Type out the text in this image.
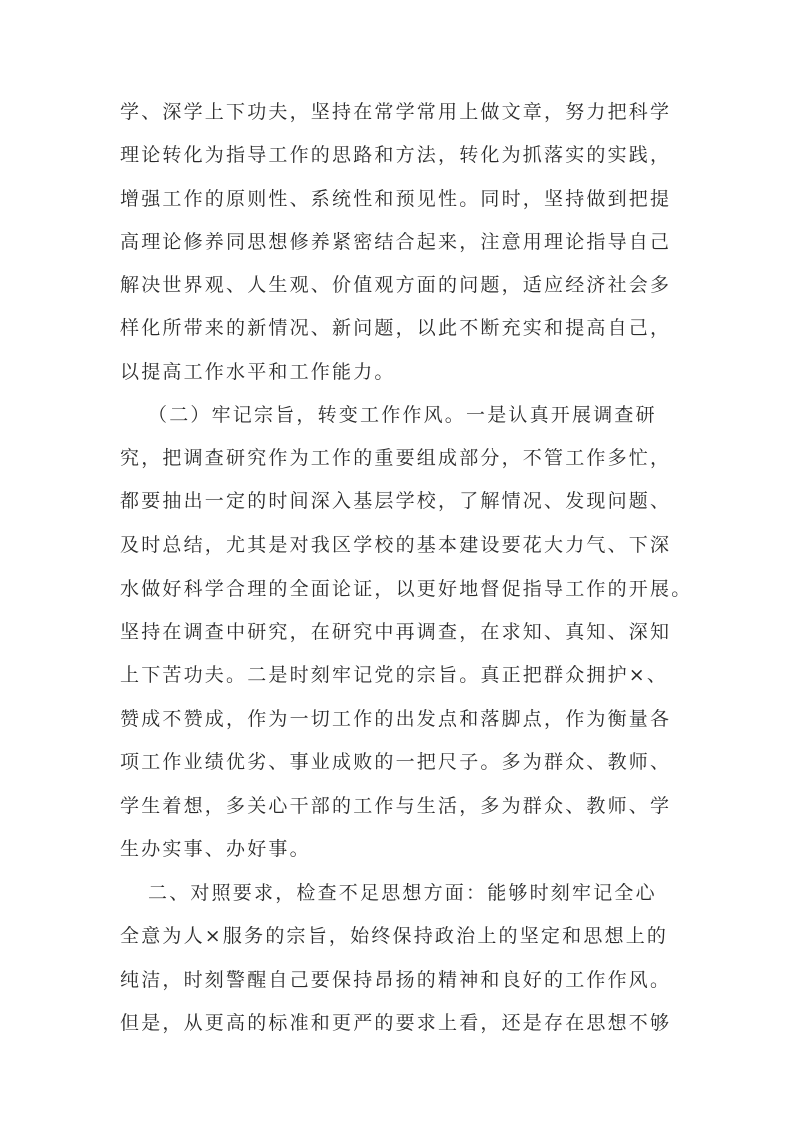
学、深学上下功夫，坚持在常学常用上做文章，努力把科学
理论转化为指导工作的思路和方法，转化为抓落实的实践，
增强工作的原则性、系统性和预见性。同时，坚持做到把提
高理论修养同思想修养紧密结合起来，注意用理论指导自己
解决世界观、人生观、价值观方面的问题，适应经济社会多
样化所带来的新情况、新问题，以此不断充实和提高自己，
以提高工作水平和工作能力。
（二）牢记宗旨，转变工作作风。一是认真开展调查研
究，把调查研究作为工作的重要组成部分，不管工作多忙，
都要抽出一定的时间深入基层学校，了解情况、发现问题、
及时总结，尤其是对我区学校的基本建设要花大力气、下深
水做好科学合理的全面论证，以更好地督促指导工作的开展。
坚持在调查中研究，在研究中再调查，在求知、真知、深知
上下苦功夫。二是时刻牢记党的宗旨。真正把群众拥护×、
赞成不赞成，作为一切工作的出发点和落脚点，作为衡量各
项工作业绩优劣、事业成败的一把尺子。多为群众、教师、
学生着想，多关心干部的工作与生活，多为群众、教师、学
生办实事、办好事。
二、对照要求，检查不足思想方面：能够时刻牢记全心
全意为人×服务的宗旨，始终保持政治上的坚定和思想上的
纯洁，时刻警醒自己要保持昂扬的精神和良好的工作作风。
但是，从更高的标准和更严的要求上看，还是存在思想不够
